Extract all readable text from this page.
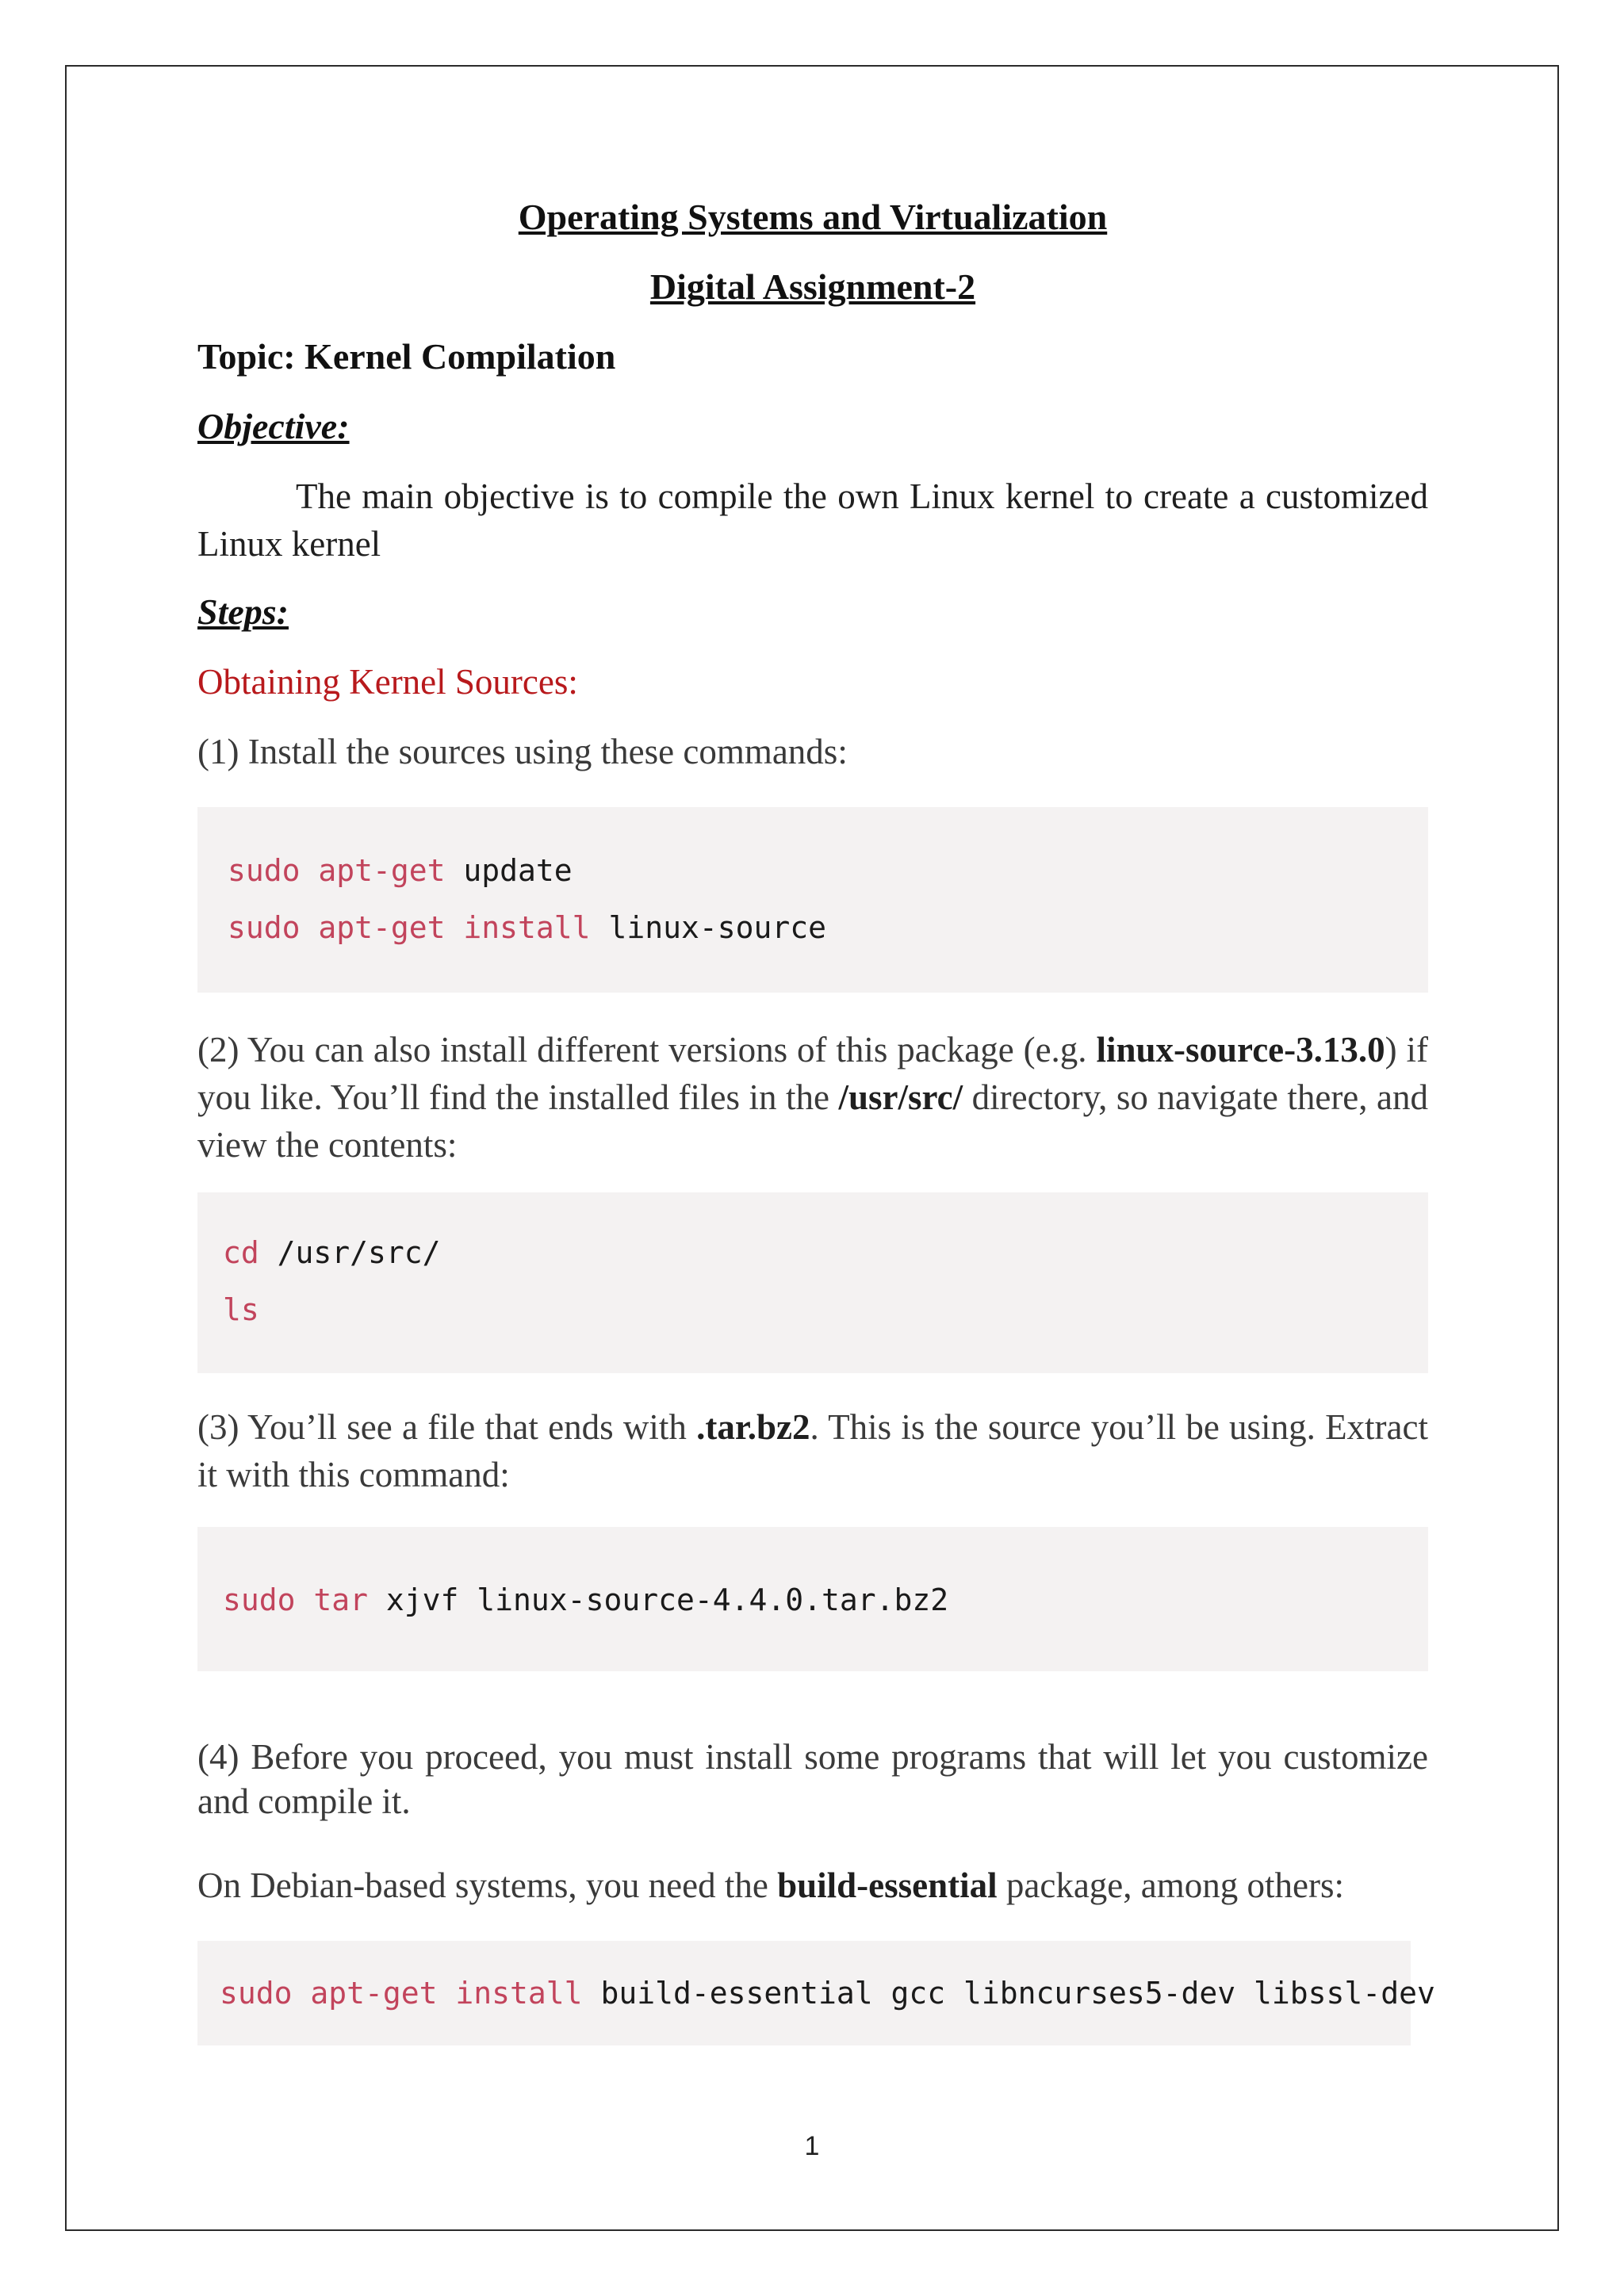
Operating Systems and Virtualization

Digital Assignment-2

Topic: Kernel Compilation

Objective:

The main objective is to compile the own Linux kernel to create a customized Linux kernel

Steps:

Obtaining Kernel Sources:

(1) Install the sources using these commands:

sudo apt-get update
sudo apt-get install linux-source

(2) You can also install different versions of this package (e.g. linux-source-3.13.0) if you like. You’ll find the installed files in the /usr/src/ directory, so navigate there, and view the contents:

cd /usr/src/
ls

(3) You’ll see a file that ends with .tar.bz2. This is the source you’ll be using. Extract it with this command:

sudo tar xjvf linux-source-4.4.0.tar.bz2

(4) Before you proceed, you must install some programs that will let you customize and compile it.

On Debian-based systems, you need the build-essential package, among others:

sudo apt-get install build-essential gcc libncurses5-dev libssl-dev
1
